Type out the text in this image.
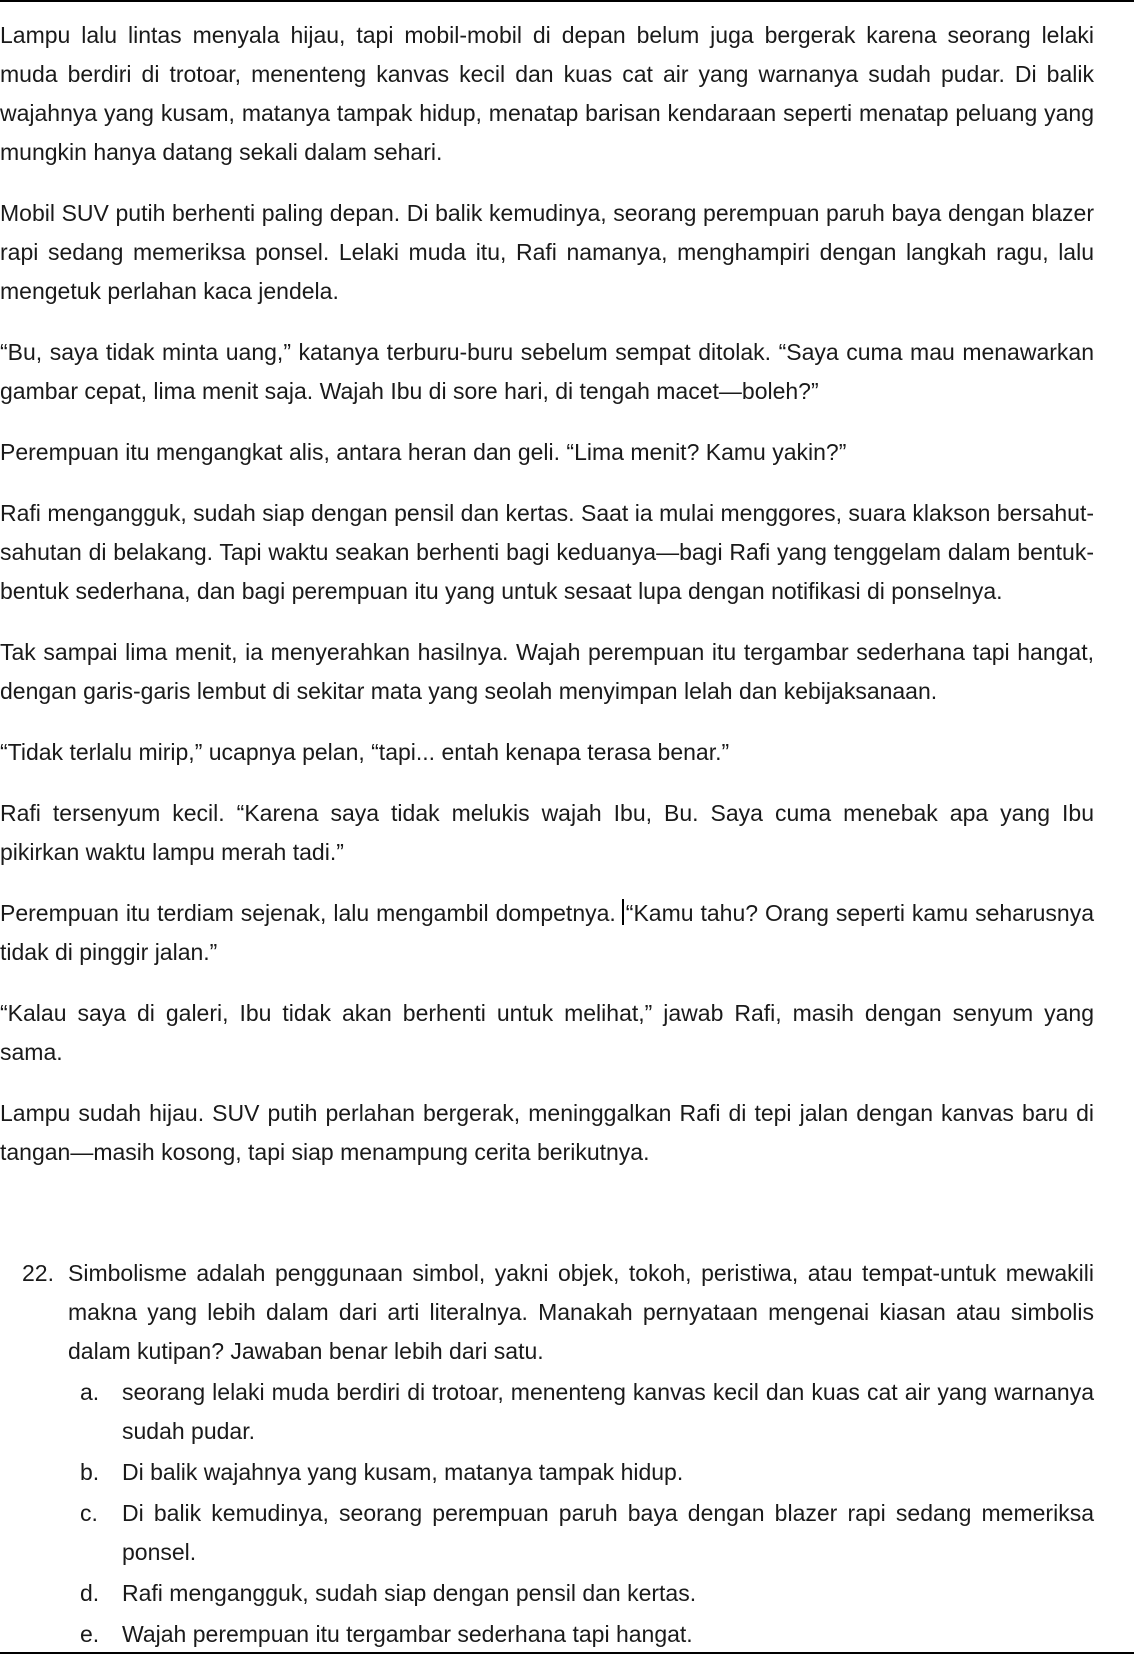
Lampu lalu lintas menyala hijau, tapi mobil-mobil di depan belum juga bergerak karena seorang lelaki muda berdiri di trotoar, menenteng kanvas kecil dan kuas cat air yang warnanya sudah pudar. Di balik wajahnya yang kusam, matanya tampak hidup, menatap barisan kendaraan seperti menatap peluang yang mungkin hanya datang sekali dalam sehari.

Mobil SUV putih berhenti paling depan. Di balik kemudinya, seorang perempuan paruh baya dengan blazer rapi sedang memeriksa ponsel. Lelaki muda itu, Rafi namanya, menghampiri dengan langkah ragu, lalu mengetuk perlahan kaca jendela.

“Bu, saya tidak minta uang,” katanya terburu-buru sebelum sempat ditolak. “Saya cuma mau menawarkan gambar cepat, lima menit saja. Wajah Ibu di sore hari, di tengah macet—boleh?”

Perempuan itu mengangkat alis, antara heran dan geli. “Lima menit? Kamu yakin?”

Rafi mengangguk, sudah siap dengan pensil dan kertas. Saat ia mulai menggores, suara klakson bersahut-sahutan di belakang. Tapi waktu seakan berhenti bagi keduanya—bagi Rafi yang tenggelam dalam bentuk-bentuk sederhana, dan bagi perempuan itu yang untuk sesaat lupa dengan notifikasi di ponselnya.

Tak sampai lima menit, ia menyerahkan hasilnya. Wajah perempuan itu tergambar sederhana tapi hangat, dengan garis-garis lembut di sekitar mata yang seolah menyimpan lelah dan kebijaksanaan.

“Tidak terlalu mirip,” ucapnya pelan, “tapi... entah kenapa terasa benar.”

Rafi tersenyum kecil. “Karena saya tidak melukis wajah Ibu, Bu. Saya cuma menebak apa yang Ibu pikirkan waktu lampu merah tadi.”

Perempuan itu terdiam sejenak, lalu mengambil dompetnya. “Kamu tahu? Orang seperti kamu seharusnya tidak di pinggir jalan.”

“Kalau saya di galeri, Ibu tidak akan berhenti untuk melihat,” jawab Rafi, masih dengan senyum yang sama.

Lampu sudah hijau. SUV putih perlahan bergerak, meninggalkan Rafi di tepi jalan dengan kanvas baru di tangan—masih kosong, tapi siap menampung cerita berikutnya.

22. Simbolisme adalah penggunaan simbol, yakni objek, tokoh, peristiwa, atau tempat-untuk mewakili makna yang lebih dalam dari arti literalnya. Manakah pernyataan mengenai kiasan atau simbolis dalam kutipan? Jawaban benar lebih dari satu.
a. seorang lelaki muda berdiri di trotoar, menenteng kanvas kecil dan kuas cat air yang warnanya sudah pudar.
b. Di balik wajahnya yang kusam, matanya tampak hidup.
c.	Di balik kemudinya, seorang perempuan paruh baya dengan blazer rapi sedang memeriksa ponsel.
d. Rafi mengangguk, sudah siap dengan pensil dan kertas.
e. Wajah perempuan itu tergambar sederhana tapi hangat.
